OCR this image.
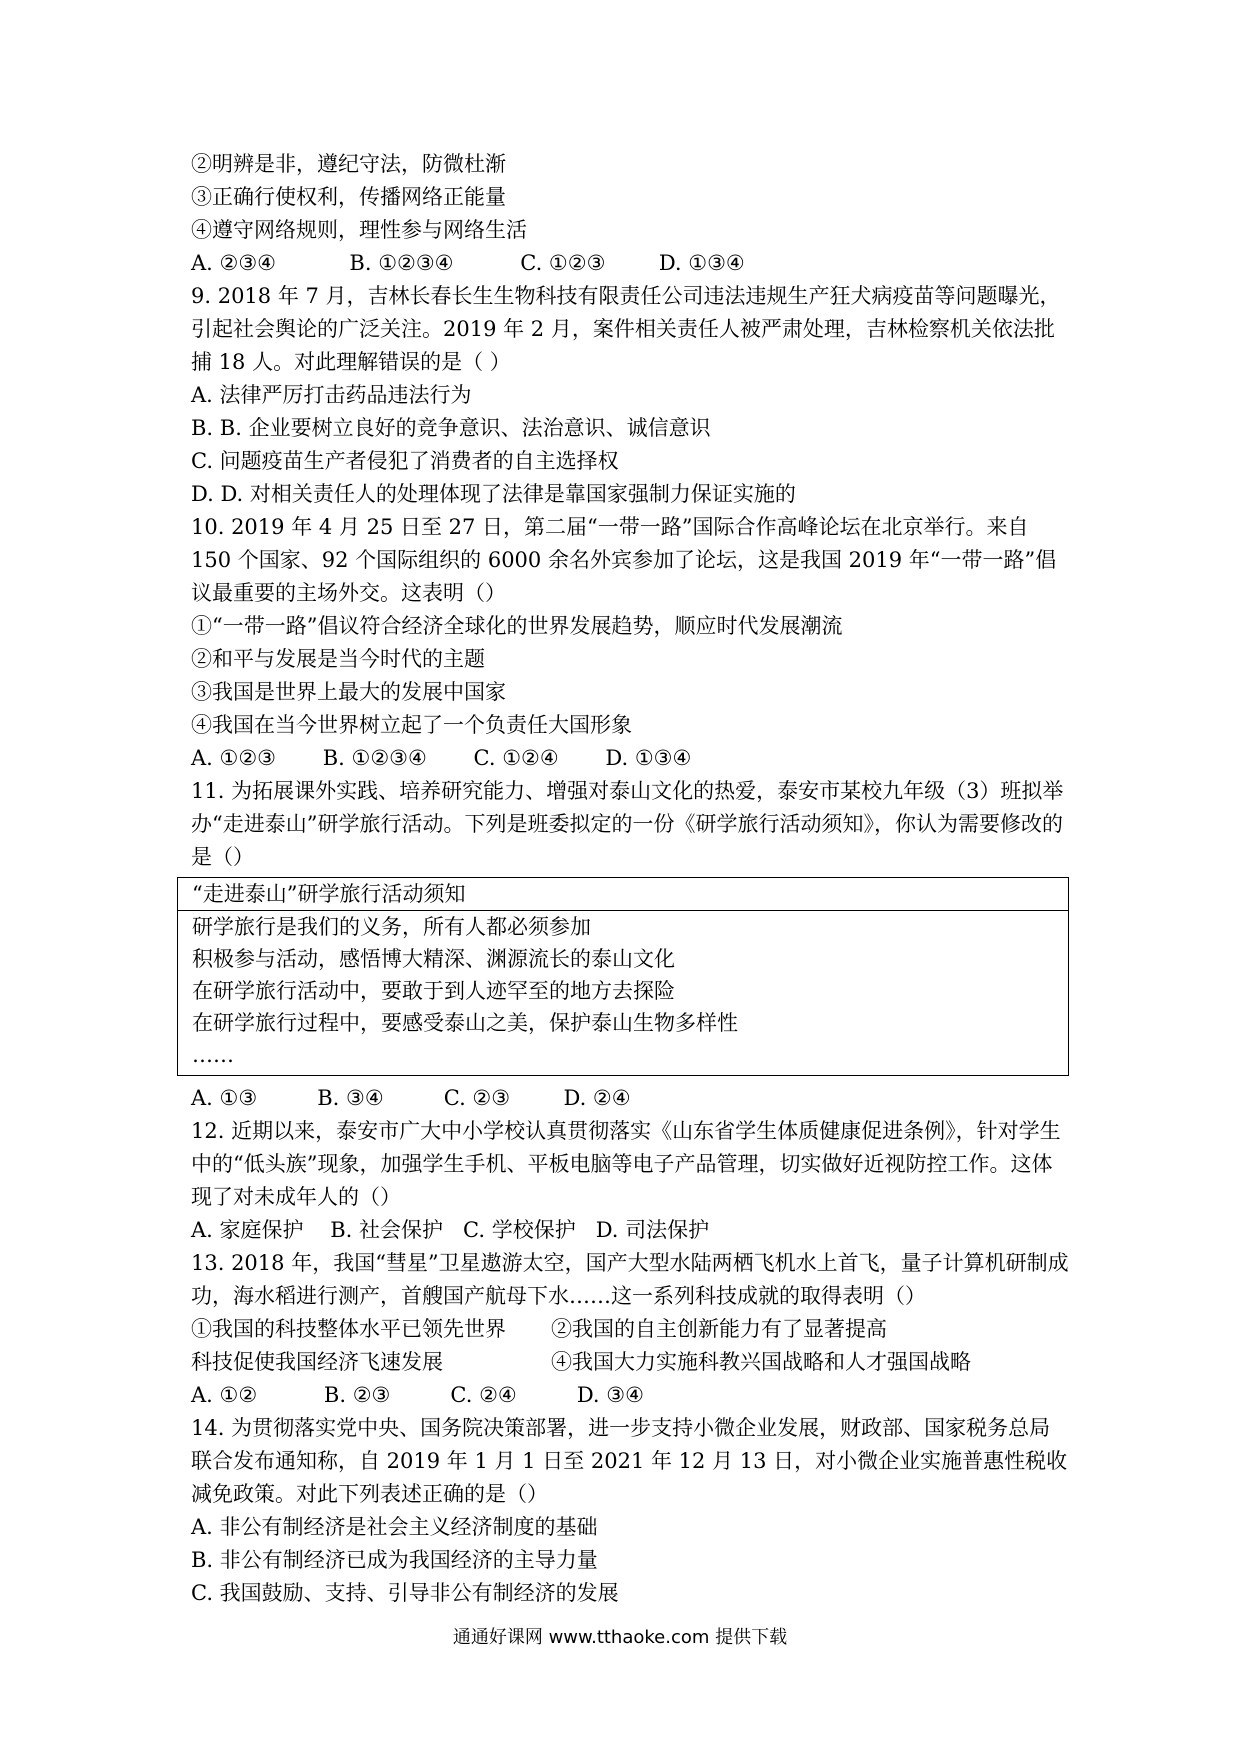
②明辨是非，遵纪守法，防微杜渐
③正确行使权利，传播网络正能量
④遵守网络规则，理性参与网络生活
A. ②③④           B. ①②③④          C. ①②③        D. ①③④
9. 2018 年 7 月，吉林长春长生生物科技有限责任公司违法违规生产狂犬病疫苗等问题曝光，引起社会舆论的广泛关注。2019 年 2 月，案件相关责任人被严肃处理，吉林检察机关依法批捕 18 人。对此理解错误的是（ ）
A. 法律严厉打击药品违法行为
B. B. 企业要树立良好的竞争意识、法治意识、诚信意识
C. 问题疫苗生产者侵犯了消费者的自主选择权
D. D. 对相关责任人的处理体现了法律是靠国家强制力保证实施的
10. 2019 年 4 月 25 日至 27 日，第二届“一带一路”国际合作高峰论坛在北京举行。来自 150 个国家、92 个国际组织的 6000 余名外宾参加了论坛，这是我国 2019 年“一带一路”倡议最重要的主场外交。这表明（）
①“一带一路”倡议符合经济全球化的世界发展趋势，顺应时代发展潮流
②和平与发展是当今时代的主题
③我国是世界上最大的发展中国家
④我国在当今世界树立起了一个负责任大国形象
A. ①②③       B. ①②③④       C. ①②④       D. ①③④
11. 为拓展课外实践、培养研究能力、增强对泰山文化的热爱，泰安市某校九年级（3）班拟举办“走进泰山”研学旅行活动。下列是班委拟定的一份《研学旅行活动须知》，你认为需要修改的是（）
“走进泰山”研学旅行活动须知
研学旅行是我们的义务，所有人都必须参加
积极参与活动，感悟博大精深、渊源流长的泰山文化
在研学旅行活动中，要敢于到人迹罕至的地方去探险
在研学旅行过程中，要感受泰山之美，保护泰山生物多样性
……
A. ①③         B. ③④         C. ②③        D. ②④
12. 近期以来，泰安市广大中小学校认真贯彻落实《山东省学生体质健康促进条例》，针对学生中的“低头族”现象，加强学生手机、平板电脑等电子产品管理，切实做好近视防控工作。这体现了对未成年人的（）
A. 家庭保护    B. 社会保护   C. 学校保护   D. 司法保护
13. 2018 年，我国“彗星”卫星遨游太空，国产大型水陆两栖飞机水上首飞，量子计算机研制成功，海水稻进行测产，首艘国产航母下水……这一系列科技成就的取得表明（）
①我国的科技整体水平已领先世界	②我国的自主创新能力有了显著提高
科技促使我国经济飞速发展	④我国大力实施科教兴国战略和人才强国战略
A. ①②          B. ②③         C. ②④         D. ③④
14. 为贯彻落实党中央、国务院决策部署，进一步支持小微企业发展，财政部、国家税务总局联合发布通知称，自 2019 年 1 月 1 日至 2021 年 12 月 13 日，对小微企业实施普惠性税收减免政策。对此下列表述正确的是（）
A. 非公有制经济是社会主义经济制度的基础
B. 非公有制经济已成为我国经济的主导力量
C. 我国鼓励、支持、引导非公有制经济的发展
通通好课网 www.tthaoke.com 提供下载
